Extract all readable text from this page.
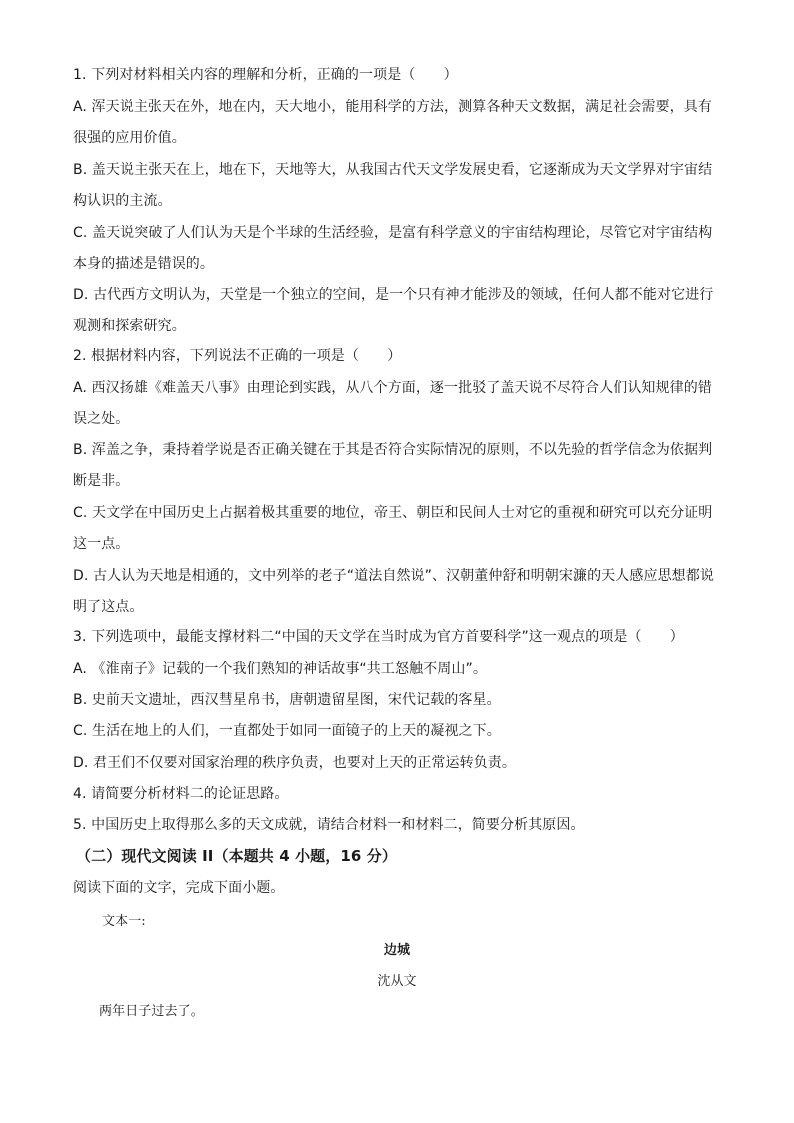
1. 下列对材料相关内容的理解和分析，正确的一项是（　　）
A. 浑天说主张天在外，地在内，天大地小，能用科学的方法，测算各种天文数据，满足社会需要，具有
很强的应用价值。
B. 盖天说主张天在上，地在下，天地等大，从我国古代天文学发展史看，它逐渐成为天文学界对宇宙结
构认识的主流。
C. 盖天说突破了人们认为天是个半球的生活经验，是富有科学意义的宇宙结构理论，尽管它对宇宙结构
本身的描述是错误的。
D. 古代西方文明认为，天堂是一个独立的空间，是一个只有神才能涉及的领域，任何人都不能对它进行
观测和探索研究。
2. 根据材料内容，下列说法不正确的一项是（　　）
A. 西汉扬雄《难盖天八事》由理论到实践，从八个方面，逐一批驳了盖天说不尽符合人们认知规律的错
误之处。
B. 浑盖之争，秉持着学说是否正确关键在于其是否符合实际情况的原则，不以先验的哲学信念为依据判
断是非。
C. 天文学在中国历史上占据着极其重要的地位，帝王、朝臣和民间人士对它的重视和研究可以充分证明
这一点。
D. 古人认为天地是相通的，文中列举的老子“道法自然说”、汉朝董仲舒和明朝宋濂的天人感应思想都说
明了这点。
3. 下列选项中，最能支撑材料二“中国的天文学在当时成为官方首要科学”这一观点的项是（　　）
A. 《淮南子》记载的一个我们熟知的神话故事“共工怒触不周山”。
B. 史前天文遗址，西汉彗星帛书，唐朝遗留星图，宋代记载的客星。
C. 生活在地上的人们，一直都处于如同一面镜子的上天的凝视之下。
D. 君王们不仅要对国家治理的秩序负责，也要对上天的正常运转负责。
4. 请简要分析材料二的论证思路。
5. 中国历史上取得那么多的天文成就，请结合材料一和材料二，简要分析其原因。
（二）现代文阅读 II（本题共 4 小题，16 分）
阅读下面的文字，完成下面小题。
文本一:
边城
沈从文
两年日子过去了。
